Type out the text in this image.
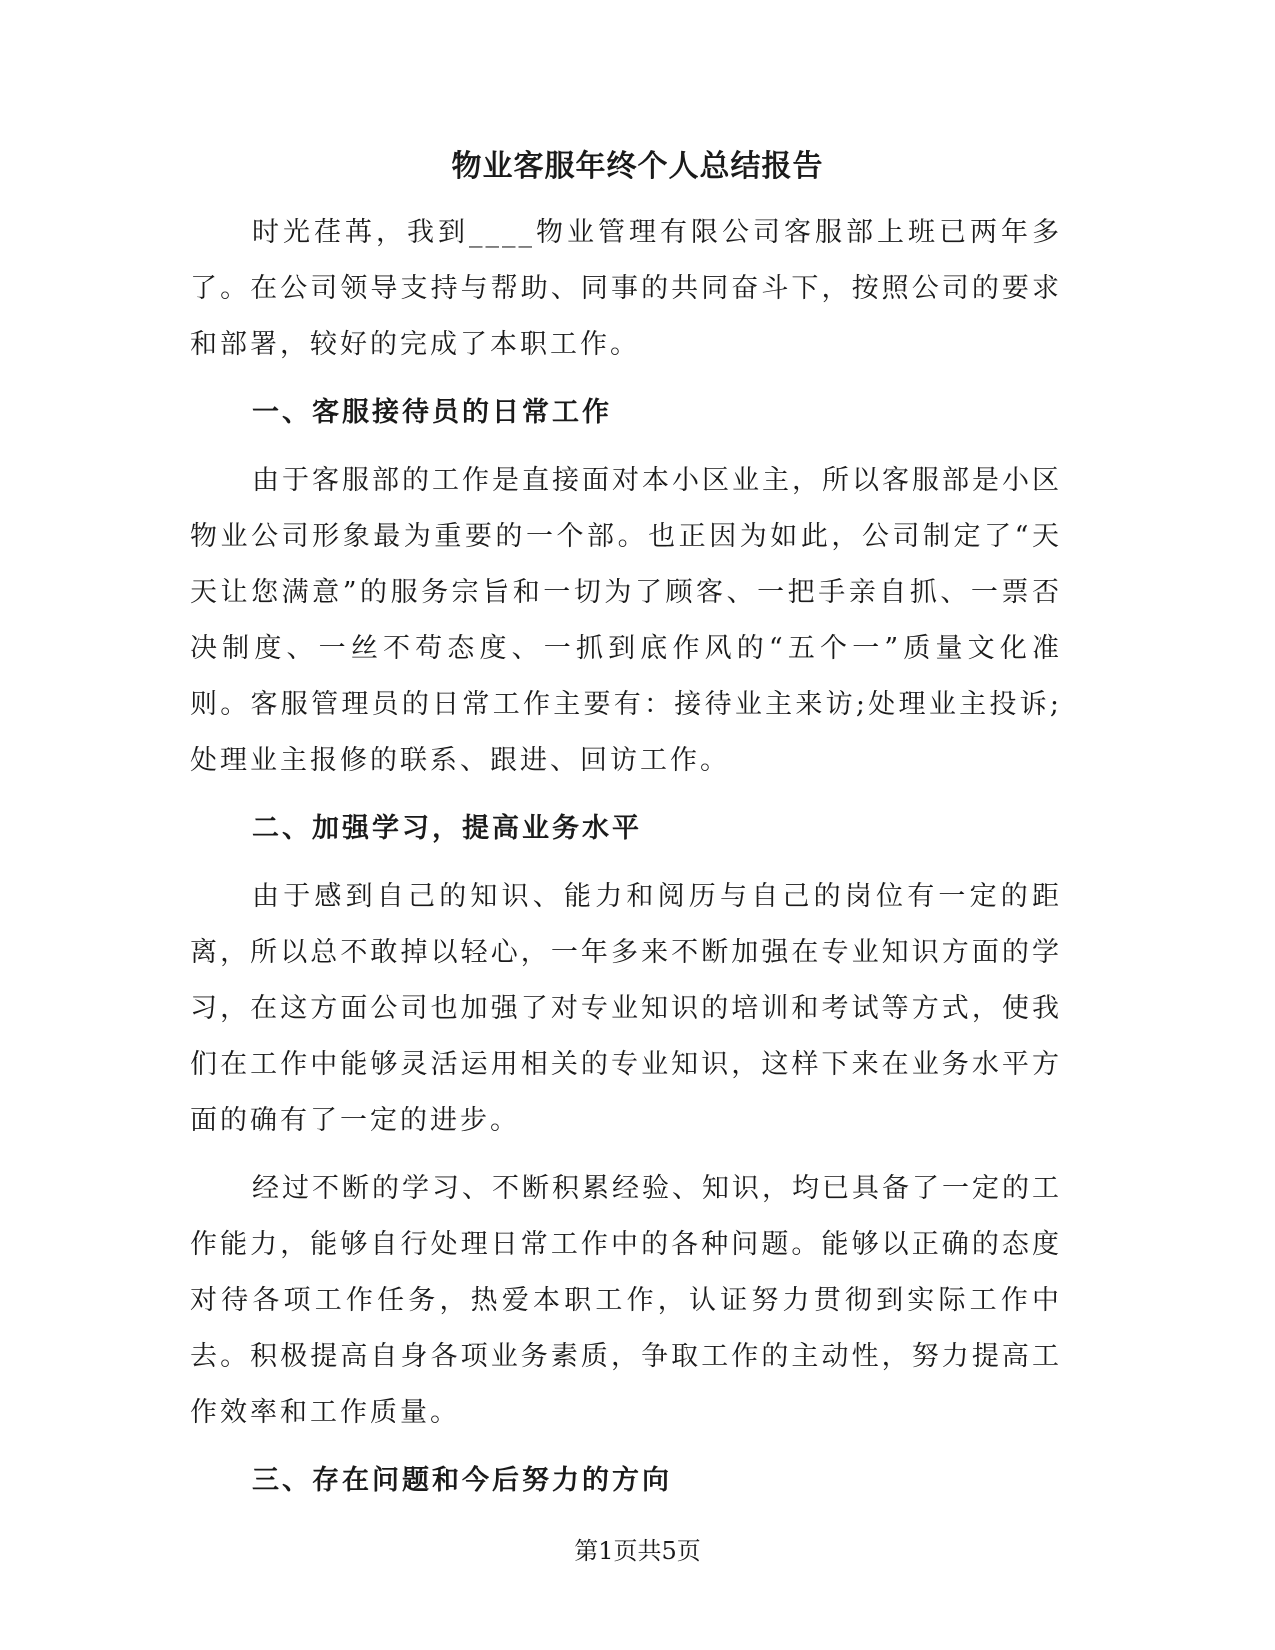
物业客服年终个人总结报告

时光荏苒，我到____物业管理有限公司客服部上班已两年多了。在公司领导支持与帮助、同事的共同奋斗下，按照公司的要求和部署，较好的完成了本职工作。

一、客服接待员的日常工作

由于客服部的工作是直接面对本小区业主，所以客服部是小区物业公司形象最为重要的一个部。也正因为如此，公司制定了“天天让您满意”的服务宗旨和一切为了顾客、一把手亲自抓、一票否决制度、一丝不苟态度、一抓到底作风的“五个一”质量文化准则。客服管理员的日常工作主要有：接待业主来访;处理业主投诉;处理业主报修的联系、跟进、回访工作。

二、加强学习，提高业务水平

由于感到自己的知识、能力和阅历与自己的岗位有一定的距离，所以总不敢掉以轻心，一年多来不断加强在专业知识方面的学习，在这方面公司也加强了对专业知识的培训和考试等方式，使我们在工作中能够灵活运用相关的专业知识，这样下来在业务水平方面的确有了一定的进步。

经过不断的学习、不断积累经验、知识，均已具备了一定的工作能力，能够自行处理日常工作中的各种问题。能够以正确的态度对待各项工作任务，热爱本职工作，认证努力贯彻到实际工作中去。积极提高自身各项业务素质，争取工作的主动性，努力提高工作效率和工作质量。

三、存在问题和今后努力的方向

第1页共5页
